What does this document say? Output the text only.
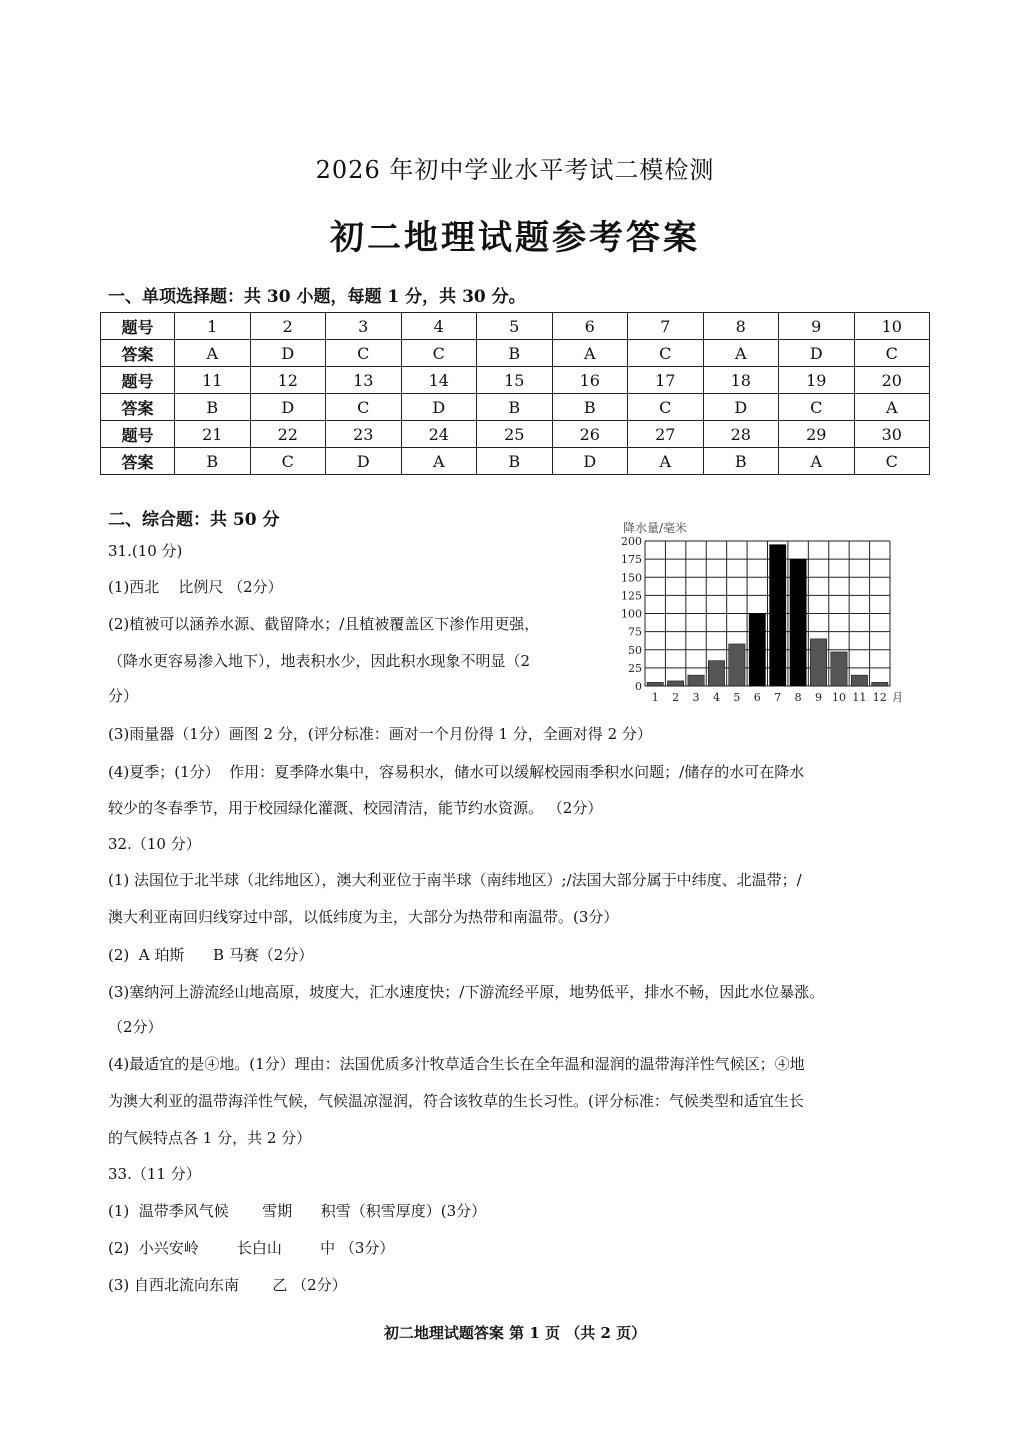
2026 年初中学业水平考试二模检测
初二地理试题参考答案
一、单项选择题：共 30 小题，每题 1 分，共 30 分。
题号	1	2	3	4	5	6	7	8	9	10
答案	A	D	C	C	B	A	C	A	D	C
题号	11	12	13	14	15	16	17	18	19	20
答案	B	D	C	D	B	B	C	D	C	A
题号	21	22	23	24	25	26	27	28	29	30
答案	B	C	D	A	B	D	A	B	A	C
二、综合题：共 50 分
31.(10 分)
(1)西北    比例尺 （2分）
(2)植被可以涵养水源、截留降水；/且植被覆盖区下渗作用更强，
（降水更容易渗入地下），地表积水少，因此积水现象不明显（2
分）
(3)雨量器（1分）画图 2 分，(评分标准：画对一个月份得 1 分，全画对得 2 分）
(4)夏季；(1分）  作用：夏季降水集中，容易积水，储水可以缓解校园雨季积水问题；/储存的水可在降水
较少的冬春季节，用于校园绿化灌溉、校园清洁，能节约水资源。 （2分）
32.（10 分）
(1) 法国位于北半球（北纬地区），澳大利亚位于南半球（南纬地区）;/法国大部分属于中纬度、北温带；/
澳大利亚南回归线穿过中部，以低纬度为主，大部分为热带和南温带。(3分）
(2)  A 珀斯      B 马赛（2分）
(3)塞纳河上游流经山地高原，坡度大，汇水速度快；/下游流经平原，地势低平，排水不畅，因此水位暴涨。
（2分）
(4)最适宜的是④地。(1分）理由：法国优质多汁牧草适合生长在全年温和湿润的温带海洋性气候区；④地
为澳大利亚的温带海洋性气候，气候温凉湿润，符合该牧草的生长习性。(评分标准：气候类型和适宜生长
的气候特点各 1 分，共 2 分）
33.（11 分）
(1)  温带季风气候       雪期      积雪（积雪厚度）(3分）
(2)  小兴安岭        长白山        中 （3分）
(3) 自西北流向东南       乙 （2分）
降水量/毫米
0
25
50
75
100
125
150
175
200
1 2 3 4 5 6 7 8 9 10 11 12 月
初二地理试题答案 第 1 页 （共 2 页）
